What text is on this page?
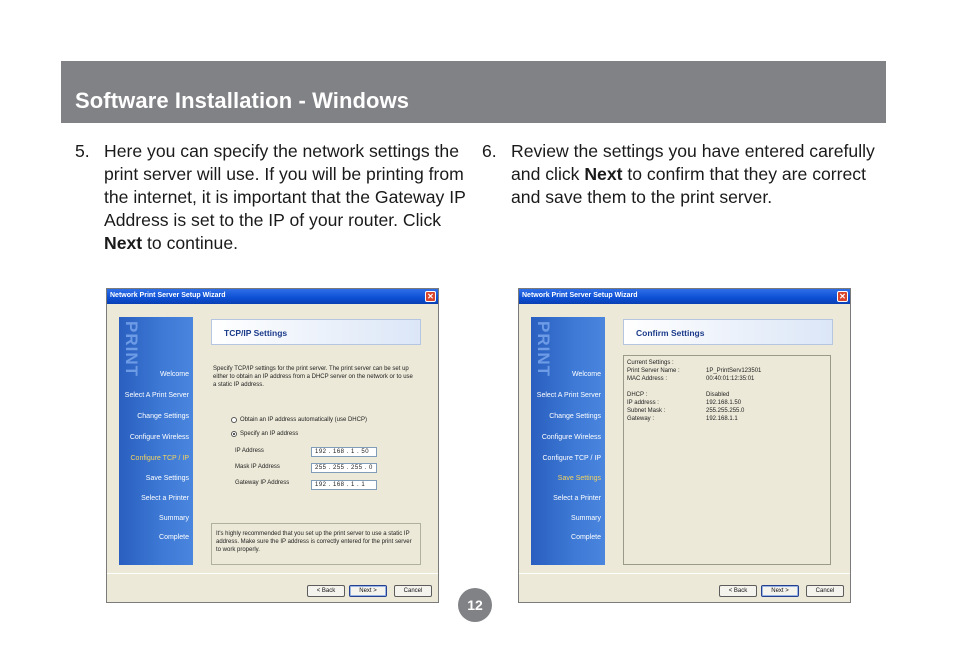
Software Installation - Windows
5. Here you can specify the network settings the print server will use. If you will be printing from the internet, it is important that the Gateway IP Address is set to the IP of your router. Click Next to continue.
6. Review the settings you have entered carefully and click Next to confirm that they are correct and save them to the print server.
Network Print Server Setup Wizard	✕
PRINT	Welcome
Select A Print Server
Change Settings
Configure Wireless
Configure TCP / IP
Save Settings
Select a Printer
Summary
Complete
TCP/IP Settings
Specify TCP/IP settings for the print server. The print server can be set up either to obtain an IP address from a DHCP server on the network or to use a static IP address.
Obtain an IP address automatically (use DHCP)
Specify an IP address
IP Address	192 . 168 . 1 . 50
Mask IP Address	255 . 255 . 255 . 0
Gateway IP Address	192 . 168 . 1 . 1
It's highly recommended that you set up the print server to use a static IP address. Make sure the IP address is correctly entered for the print server to work properly.
< Back	Next >	Cancel
Network Print Server Setup Wizard	✕
PRINT	Welcome
Select A Print Server
Change Settings
Configure Wireless
Configure TCP / IP
Save Settings
Select a Printer
Summary
Complete
Confirm Settings
Current Settings :
Print Server Name :	1P_PrintServ123501
MAC Address :	00:40:01:12:35:01
DHCP :	Disabled
IP address :	192.168.1.50
Subnet Mask :	255.255.255.0
Gateway :	192.168.1.1
< Back	Next >	Cancel
12
